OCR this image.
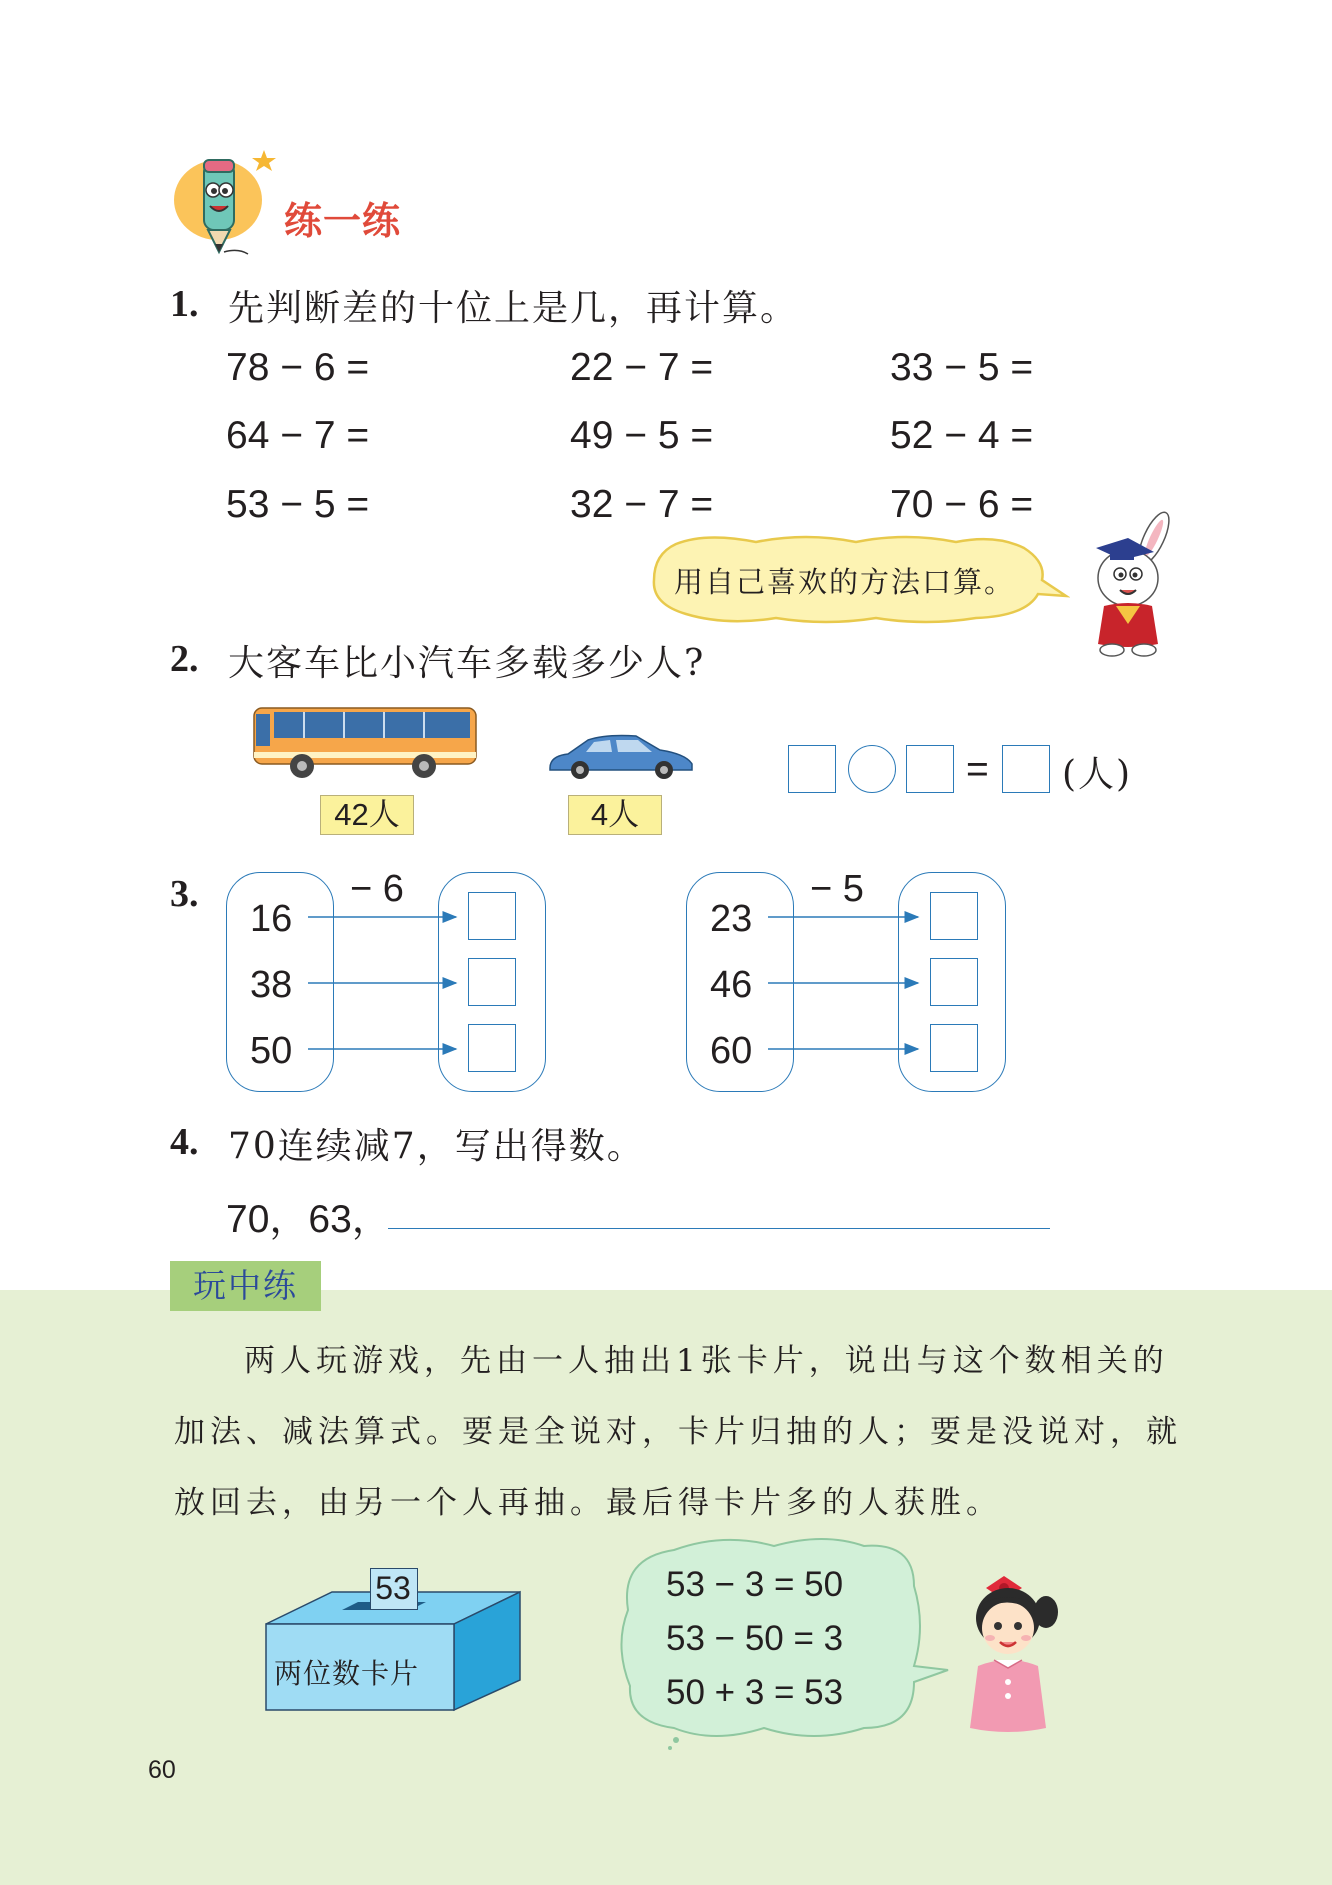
练一练
1. 先判断差的十位上是几，再计算。
78 − 6 =	22 − 7 =	33 − 5 =
64 − 7 =	49 − 5 =	52 − 4 =
53 − 5 =	32 − 7 =	70 − 6 =
用自己喜欢的方法口算。
2. 大客车比小汽车多载多少人?
42人	4人
= (人)
3.	− 6
16
38
50
− 5
23
46
60
4. 70连续减7，写出得数。
70，63，
玩中练
两人玩游戏，先由一人抽出1张卡片，说出与这个数相关的
加法、减法算式。要是全说对，卡片归抽的人；要是没说对，就
放回去，由另一个人再抽。最后得卡片多的人获胜。
53
两位数卡片
53 − 3 = 50
53 − 50 = 3
50 + 3 = 53
60
